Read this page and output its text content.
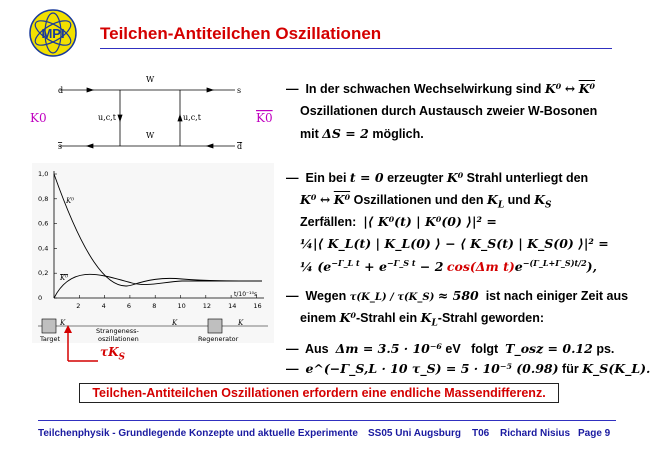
MPI Teilchen-Antiteilchen Oszillationen
d	s
s	d
W
W
u,c,t	u,c,t
K0	K0
— In der schwachen Wechselwirkung sind K⁰ ↔ K⁰
Oszillationen durch Austausch zweier W-Bosonen
mit ΔS = 2 möglich.
— Ein bei t = 0 erzeugter K⁰ Strahl unterliegt den
K⁰ ↔ K⁰ Oszillationen und den $K_L$ und $K_S$
Zerfällen: |⟨ K⁰(t) | K⁰(0) ⟩|² =
¼|⟨ K_L(t) | K_L(0) ⟩ − ⟨ K_S(t) | K_S(0) ⟩|² =
¼ ($e^{-\Gamma\_L t} + e^{-\Gamma\_S t} - 2$ cos(Δm $t)e^{-(\Gamma\_L+\Gamma\_S)t/2}$),
— Wegen τ(K_L) / τ(K_S) ≈ 580 ist nach einiger Zeit aus
einem K⁰-Strahl ein $K_L$-Strahl geworden:
— Aus Δm = 3.5 · 10⁻⁶ eV folgt T_osz = 0.12 ps.
— e^(−Γ_S,L · 10 τ_S) = 5 · 10⁻⁵ (0.98) für K_S(K_L).
1,0
0,8
0,6
0,4
0,2
0
2	4	6	8	10	12	14	16
K⁰
K⁰
t/10⁻¹⁰s
K
Target
Strangeness-
oszillationen	Regenerator
K	K
$\tau K_S$
Teilchen-Antiteilchen Oszillationen erfordern eine endliche Massendifferenz.
Teilchenphysik - Grundlegende Konzepte und aktuelle Experimente SS05 Uni Augsburg T06 Richard Nisius Page 9
